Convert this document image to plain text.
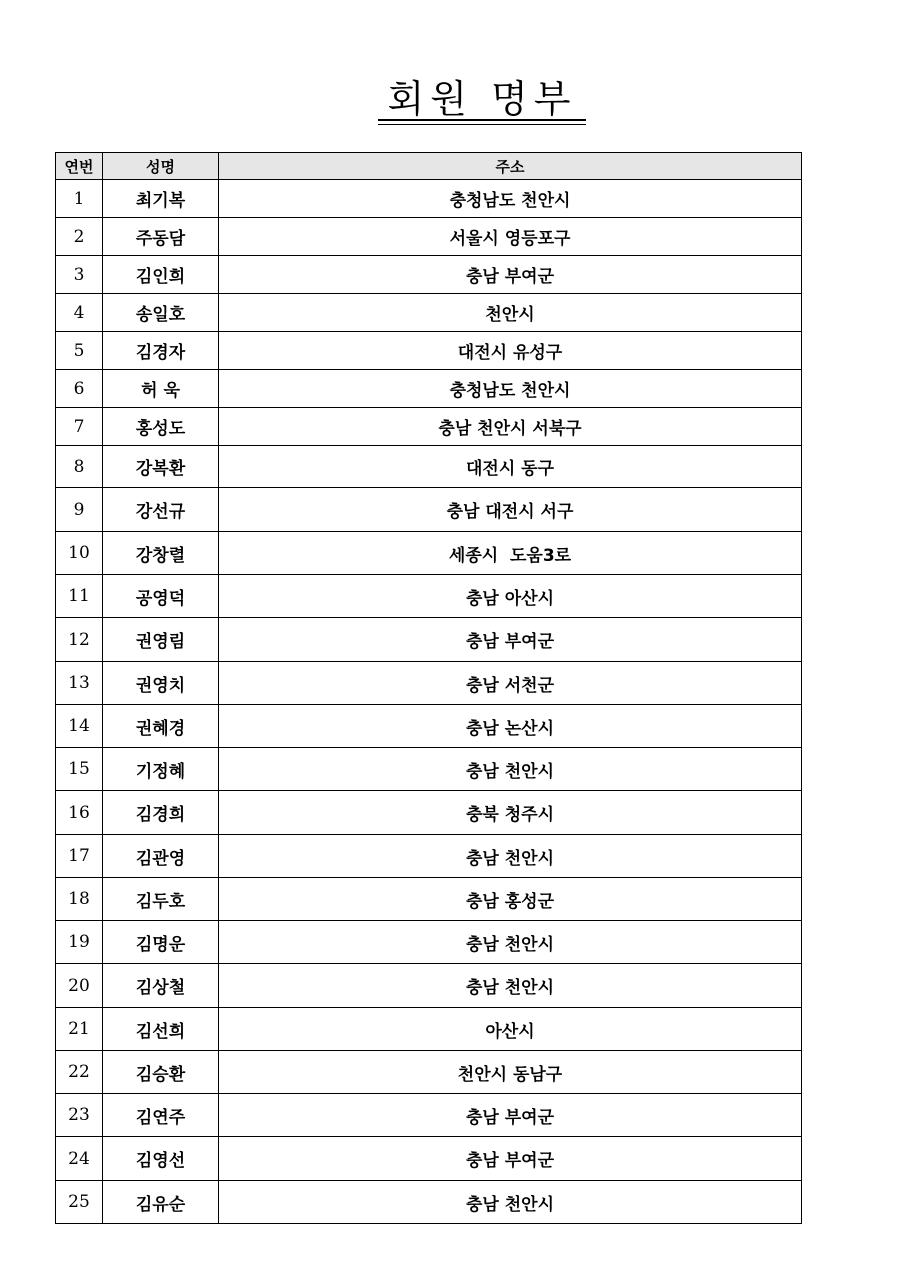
회원 명부
연번	성명	주소
1	최기복	충청남도 천안시
2	주동담	서울시 영등포구
3	김인희	충남 부여군
4	송일호	천안시
5	김경자	대전시 유성구
6	허 욱	충청남도 천안시
7	홍성도	충남 천안시 서북구
8	강복환	대전시 동구
9	강선규	충남 대전시 서구
10	강창렬	세종시  도움3로
11	공영덕	충남 아산시
12	권영림	충남 부여군
13	권영치	충남 서천군
14	권혜경	충남 논산시
15	기정혜	충남 천안시
16	김경희	충북 청주시
17	김관영	충남 천안시
18	김두호	충남 홍성군
19	김명운	충남 천안시
20	김상철	충남 천안시
21	김선희	아산시
22	김승환	천안시 동남구
23	김연주	충남 부여군
24	김영선	충남 부여군
25	김유순	충남 천안시
